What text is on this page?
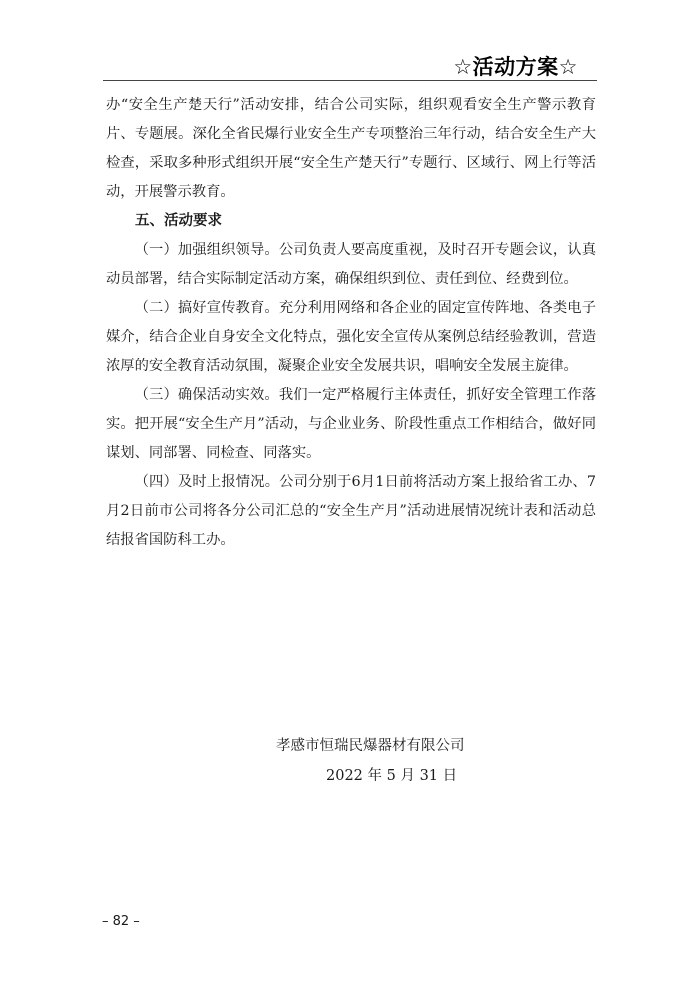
☆活动方案☆

办“安全生产楚天行”活动安排，结合公司实际，组织观看安全生产警示教育片、专题展。深化全省民爆行业安全生产专项整治三年行动，结合安全生产大检查，采取多种形式组织开展“安全生产楚天行”专题行、区域行、网上行等活动，开展警示教育。

五、活动要求

（一）加强组织领导。公司负责人要高度重视，及时召开专题会议，认真动员部署，结合实际制定活动方案，确保组织到位、责任到位、经费到位。

（二）搞好宣传教育。充分利用网络和各企业的固定宣传阵地、各类电子媒介，结合企业自身安全文化特点，强化安全宣传从案例总结经验教训，营造浓厚的安全教育活动氛围，凝聚企业安全发展共识，唱响安全发展主旋律。

（三）确保活动实效。我们一定严格履行主体责任，抓好安全管理工作落实。把开展“安全生产月”活动，与企业业务、阶段性重点工作相结合，做好同谋划、同部署、同检查、同落实。

（四）及时上报情况。公司分别于6月1日前将活动方案上报给省工办、7月2日前市公司将各分公司汇总的“安全生产月”活动进展情况统计表和活动总结报省国防科工办。

孝感市恒瑞民爆器材有限公司
2022 年 5 月 31 日
– 82 –
